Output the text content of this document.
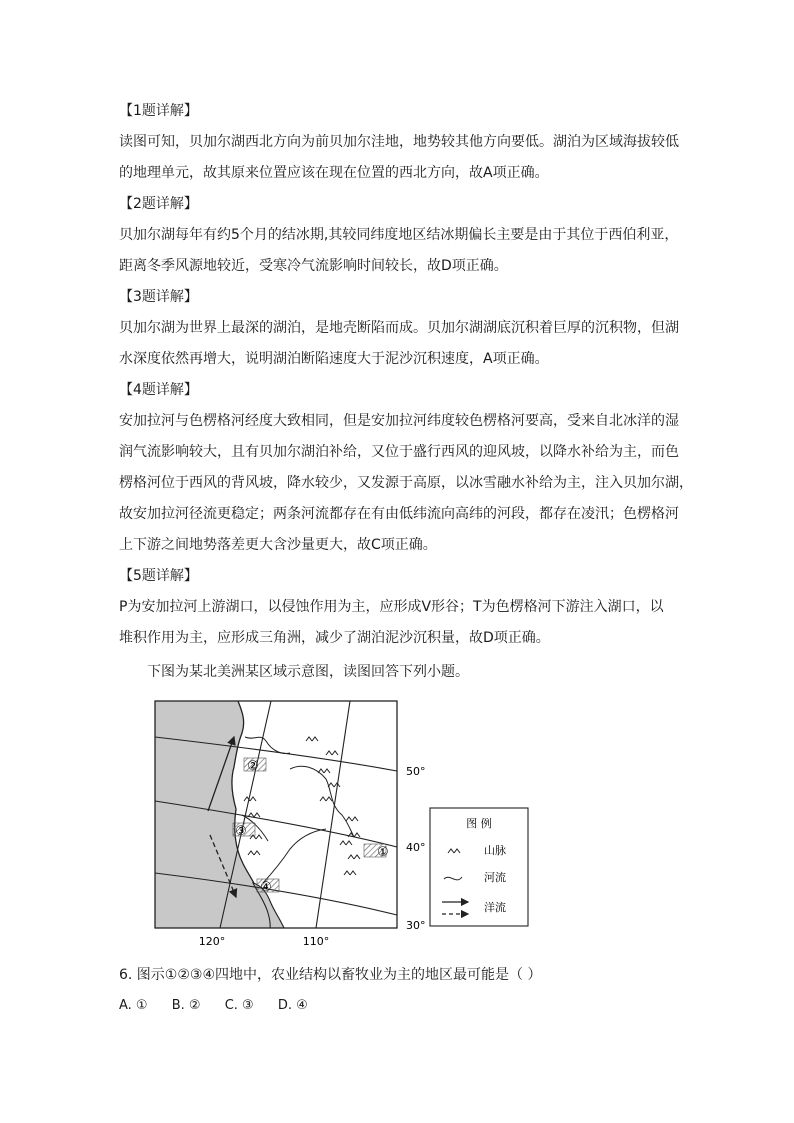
【1题详解】
读图可知，贝加尔湖西北方向为前贝加尔洼地，地势较其他方向要低。湖泊为区域海拔较低
的地理单元，故其原来位置应该在现在位置的西北方向，故A项正确。
【2题详解】
贝加尔湖每年有约5个月的结冰期,其较同纬度地区结冰期偏长主要是由于其位于西伯利亚，
距离冬季风源地较近，受寒冷气流影响时间较长，故D项正确。
【3题详解】
贝加尔湖为世界上最深的湖泊，是地壳断陷而成。贝加尔湖湖底沉积着巨厚的沉积物，但湖
水深度依然再增大，说明湖泊断陷速度大于泥沙沉积速度，A项正确。
【4题详解】
安加拉河与色楞格河经度大致相同，但是安加拉河纬度较色楞格河要高，受来自北冰洋的湿
润气流影响较大，且有贝加尔湖泊补给，又位于盛行西风的迎风坡，以降水补给为主，而色
楞格河位于西风的背风坡，降水较少，又发源于高原，以冰雪融水补给为主，注入贝加尔湖，
故安加拉河径流更稳定；两条河流都存在有由低纬流向高纬的河段，都存在凌汛；色楞格河
上下游之间地势落差更大含沙量更大，故C项正确。
【5题详解】
P为安加拉河上游湖口，以侵蚀作用为主，应形成V形谷；T为色楞格河下游注入湖口，以
堆积作用为主，应形成三角洲，减少了湖泊泥沙沉积量，故D项正确。
下图为某北美洲某区域示意图，读图回答下列小题。
②
③
④
①
50°
40°
30°
120°	110°
图 例
山脉
河流
洋流
6. 图示①②③④四地中，农业结构以畜牧业为主的地区最可能是（ ）
A. ① B. ② C. ③ D. ④
